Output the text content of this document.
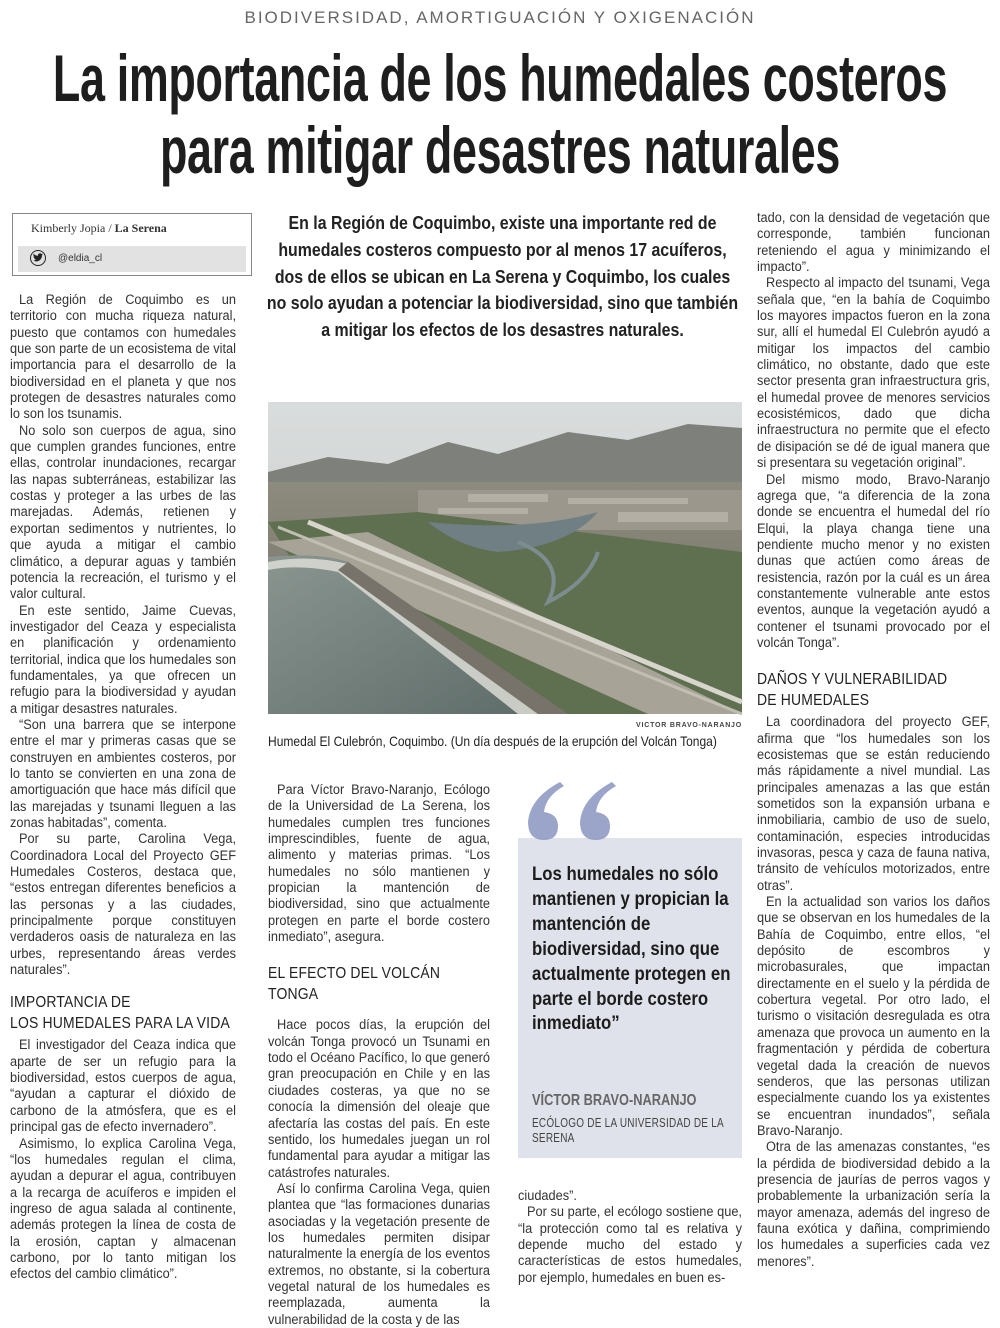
BIODIVERSIDAD, AMORTIGUACIÓN Y OXIGENACIÓN
La importancia de los humedales costeros
para mitigar desastres naturales
Kimberly Jopia / La Serena
@eldia_cl

La Región de Coquimbo es un territorio con mucha riqueza natural, puesto que contamos con humedales que son parte de un ecosistema de vital importancia para el desarrollo de la biodiversidad en el planeta y que nos protegen de desastres naturales como lo son los tsunamis.

No solo son cuerpos de agua, sino que cumplen grandes funciones, entre ellas, controlar inundaciones, recargar las napas subterráneas, estabilizar las costas y proteger a las urbes de las marejadas. Además, retienen y exportan sedimentos y nutrientes, lo que ayuda a mitigar el cambio climático, a depurar aguas y también potencia la recreación, el turismo y el valor cultural.

En este sentido, Jaime Cuevas, investigador del Ceaza y especialista en planificación y ordenamiento territorial, indica que los humedales son fundamentales, ya que ofrecen un refugio para la biodiversidad y ayudan a mitigar desastres naturales.

“Son una barrera que se interpone entre el mar y primeras casas que se construyen en ambientes costeros, por lo tanto se convierten en una zona de amortiguación que hace más difícil que las marejadas y tsunami lleguen a las zonas habitadas”, comenta.

Por su parte, Carolina Vega, Coordinadora Local del Proyecto GEF Humedales Costeros, destaca que, “estos entregan diferentes beneficios a las personas y a las ciudades, principalmente porque constituyen verdaderos oasis de naturaleza en las urbes, representando áreas verdes naturales”.

IMPORTANCIA DE
LOS HUMEDALES PARA LA VIDA

El investigador del Ceaza indica que aparte de ser un refugio para la biodiversidad, estos cuerpos de agua, “ayudan a capturar el dióxido de carbono de la atmósfera, que es el principal gas de efecto invernadero”.

Asimismo, lo explica Carolina Vega, “los humedales regulan el clima, ayudan a depurar el agua, contribuyen a la recarga de acuíferos e impiden el ingreso de agua salada al continente, además protegen la línea de costa de la erosión, captan y almacenan carbono, por lo tanto mitigan los efectos del cambio climático”.

En la Región de Coquimbo, existe una importante red de humedales costeros compuesto por al menos 17 acuíferos, dos de ellos se ubican en La Serena y Coquimbo, los cuales no solo ayudan a potenciar la biodiversidad, sino que también a mitigar los efectos de los desastres naturales.
VICTOR BRAVO-NARANJO
Humedal El Culebrón, Coquimbo. (Un día después de la erupción del Volcán Tonga)

Para Víctor Bravo-Naranjo, Ecólogo de la Universidad de La Serena, los humedales cumplen tres funciones imprescindibles, fuente de agua, alimento y materias primas. “Los humedales no sólo mantienen y propician la mantención de biodiversidad, sino que actualmente protegen en parte el borde costero inmediato”, asegura.

EL EFECTO DEL VOLCÁN TONGA

Hace pocos días, la erupción del volcán Tonga provocó un Tsunami en todo el Océano Pacífico, lo que generó gran preocupación en Chile y en las ciudades costeras, ya que no se conocía la dimensión del oleaje que afectaría las costas del país. En este sentido, los humedales juegan un rol fundamental para ayudar a mitigar las catástrofes naturales.

Así lo confirma Carolina Vega, quien plantea que “las formaciones dunarias asociadas y la vegetación presente de los humedales permiten disipar naturalmente la energía de los eventos extremos, no obstante, si la cobertura vegetal natural de los humedales es reemplazada, aumenta la vulnerabilidad de la costa y de las

Los humedales no sólo mantienen y propician la mantención de biodiversidad, sino que actualmente protegen en parte el borde costero inmediato”
VÍCTOR BRAVO-NARANJO
ECÓLOGO DE LA UNIVERSIDAD DE LA SERENA

ciudades”.

Por su parte, el ecólogo sostiene que, “la protección como tal es relativa y depende mucho del estado y características de estos humedales, por ejemplo, humedales en buen es-

tado, con la densidad de vegetación que corresponde, también funcionan reteniendo el agua y minimizando el impacto”.

Respecto al impacto del tsunami, Vega señala que, “en la bahía de Coquimbo los mayores impactos fueron en la zona sur, allí el humedal El Culebrón ayudó a mitigar los impactos del cambio climático, no obstante, dado que este sector presenta gran infraestructura gris, el humedal provee de menores servicios ecosistémicos, dado que dicha infraestructura no permite que el efecto de disipación se dé de igual manera que si presentara su vegetación original”.

Del mismo modo, Bravo-Naranjo agrega que, “a diferencia de la zona donde se encuentra el humedal del río Elqui, la playa changa tiene una pendiente mucho menor y no existen dunas que actúen como áreas de resistencia, razón por la cuál es un área constantemente vulnerable ante estos eventos, aunque la vegetación ayudó a contener el tsunami provocado por el volcán Tonga”.

DAÑOS Y VULNERABILIDAD
DE HUMEDALES

La coordinadora del proyecto GEF, afirma que “los humedales son los ecosistemas que se están reduciendo más rápidamente a nivel mundial. Las principales amenazas a las que están sometidos son la expansión urbana e inmobiliaria, cambio de uso de suelo, contaminación, especies introducidas invasoras, pesca y caza de fauna nativa, tránsito de vehículos motorizados, entre otras”.

En la actualidad son varios los daños que se observan en los humedales de la Bahía de Coquimbo, entre ellos, “el depósito de escombros y microbasurales, que impactan directamente en el suelo y la pérdida de cobertura vegetal. Por otro lado, el turismo o visitación desregulada es otra amenaza que provoca un aumento en la fragmentación y pérdida de cobertura vegetal dada la creación de nuevos senderos, que las personas utilizan especialmente cuando los ya existentes se encuentran inundados”, señala Bravo-Naranjo.

Otra de las amenazas constantes, “es la pérdida de biodiversidad debido a la presencia de jaurías de perros vagos y probablemente la urbanización sería la mayor amenaza, además del ingreso de fauna exótica y dañina, comprimiendo los humedales a superficies cada vez menores”.
